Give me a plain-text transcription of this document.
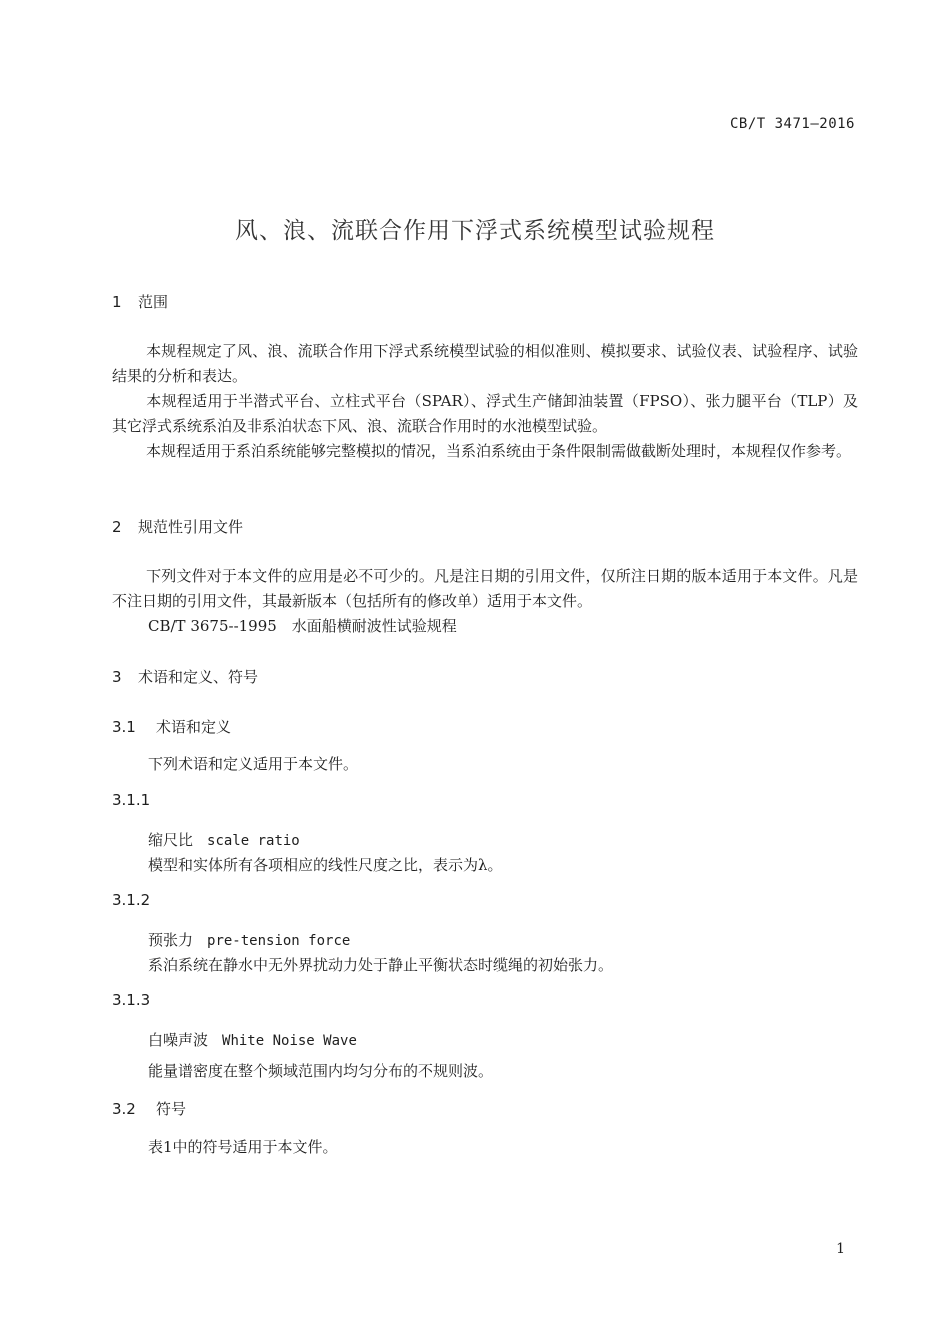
CB/T 3471—2016
风、浪、流联合作用下浮式系统模型试验规程
1 范围
本规程规定了风、浪、流联合作用下浮式系统模型试验的相似准则、模拟要求、试验仪表、试验程序、试验结果的分析和表达。
本规程适用于半潜式平台、立柱式平台（SPAR）、浮式生产储卸油装置（FPSO）、张力腿平台（TLP）及其它浮式系统系泊及非系泊状态下风、浪、流联合作用时的水池模型试验。
本规程适用于系泊系统能够完整模拟的情况，当系泊系统由于条件限制需做截断处理时，本规程仅作参考。
2 规范性引用文件
下列文件对于本文件的应用是必不可少的。凡是注日期的引用文件，仅所注日期的版本适用于本文件。凡是不注日期的引用文件，其最新版本（包括所有的修改单）适用于本文件。
CB/T 3675--1995　水面船横耐波性试验规程
3 术语和定义、符号
3.1 术语和定义
下列术语和定义适用于本文件。
3.1.1
缩尺比 scale ratio
模型和实体所有各项相应的线性尺度之比，表示为λ。
3.1.2
预张力 pre-tension force
系泊系统在静水中无外界扰动力处于静止平衡状态时缆绳的初始张力。
3.1.3
白噪声波 White Noise Wave
能量谱密度在整个频域范围内均匀分布的不规则波。
3.2 符号
表1中的符号适用于本文件。
1
